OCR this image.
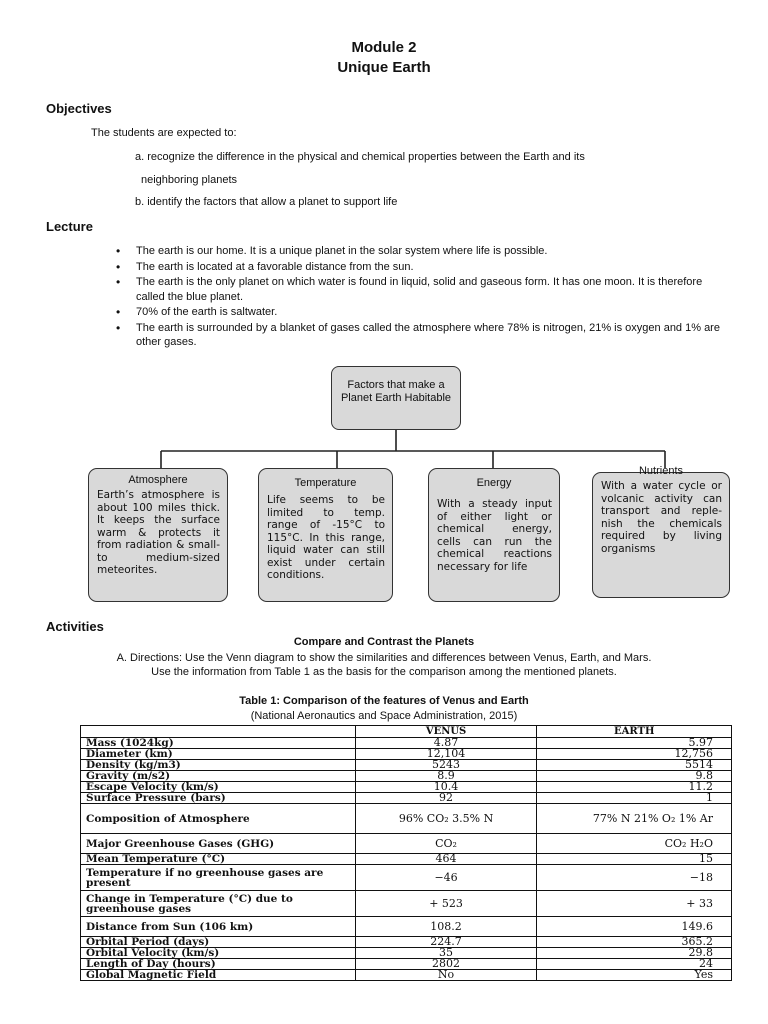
Module 2
Unique Earth
Objectives
The students are expected to:
a. recognize the difference in the physical and chemical properties between the Earth and its
neighboring planets
b. identify the factors that allow a planet to support life
Lecture
• The earth is our home. It is a unique planet in the solar system where life is possible.
• The earth is located at a favorable distance from the sun.
• The earth is the only planet on which water is found in liquid, solid and gaseous form. It has one moon. It is therefore called the blue planet.
• 70% of the earth is saltwater.
• The earth is surrounded by a blanket of gases called the atmosphere where 78% is nitrogen, 21% is oxygen and 1% are other gases.
Factors that make a Planet Earth Habitable
Atmosphere
Earth’s atmosphere is about 100 miles thick. It keeps the surface warm & protects it from radiation & small-to medium-sized meteorites.
Temperature
Life seems to be limited to temp. range of -15°C to 115°C. In this range, liquid water can still exist under certain conditions.
Energy
With a steady input of either light or chemical energy, cells can run the chemical reactions necessary for life
Nutrients
With a water cycle or volcanic activity can transport and reple-nish the chemicals required by living organisms
Activities
Compare and Contrast the Planets
A. Directions: Use the Venn diagram to show the similarities and differences between Venus, Earth, and Mars.
Use the information from Table 1 as the basis for the comparison among the mentioned planets.
Table 1: Comparison of the features of Venus and Earth
(National Aeronautics and Space Administration, 2015)
	VENUS	EARTH
Mass (1024kg)	4.87	5.97
Diameter (km)	12,104	12,756
Density (kg/m3)	5243	5514
Gravity (m/s2)	8.9	9.8
Escape Velocity (km/s)	10.4	11.2
Surface Pressure (bars)	92	1
Composition of Atmosphere	96% CO₂ 3.5% N	77% N 21% O₂ 1% Ar
Major Greenhouse Gases (GHG)	CO₂	CO₂ H₂O
Mean Temperature (°C)	464	15
Temperature if no greenhouse gases are present	−46	−18
Change in Temperature (°C) due to greenhouse gases	+ 523	+ 33
Distance from Sun (106 km)	108.2	149.6
Orbital Period (days)	224.7	365.2
Orbital Velocity (km/s)	35	29.8
Length of Day (hours)	2802	24
Global Magnetic Field	No	Yes
